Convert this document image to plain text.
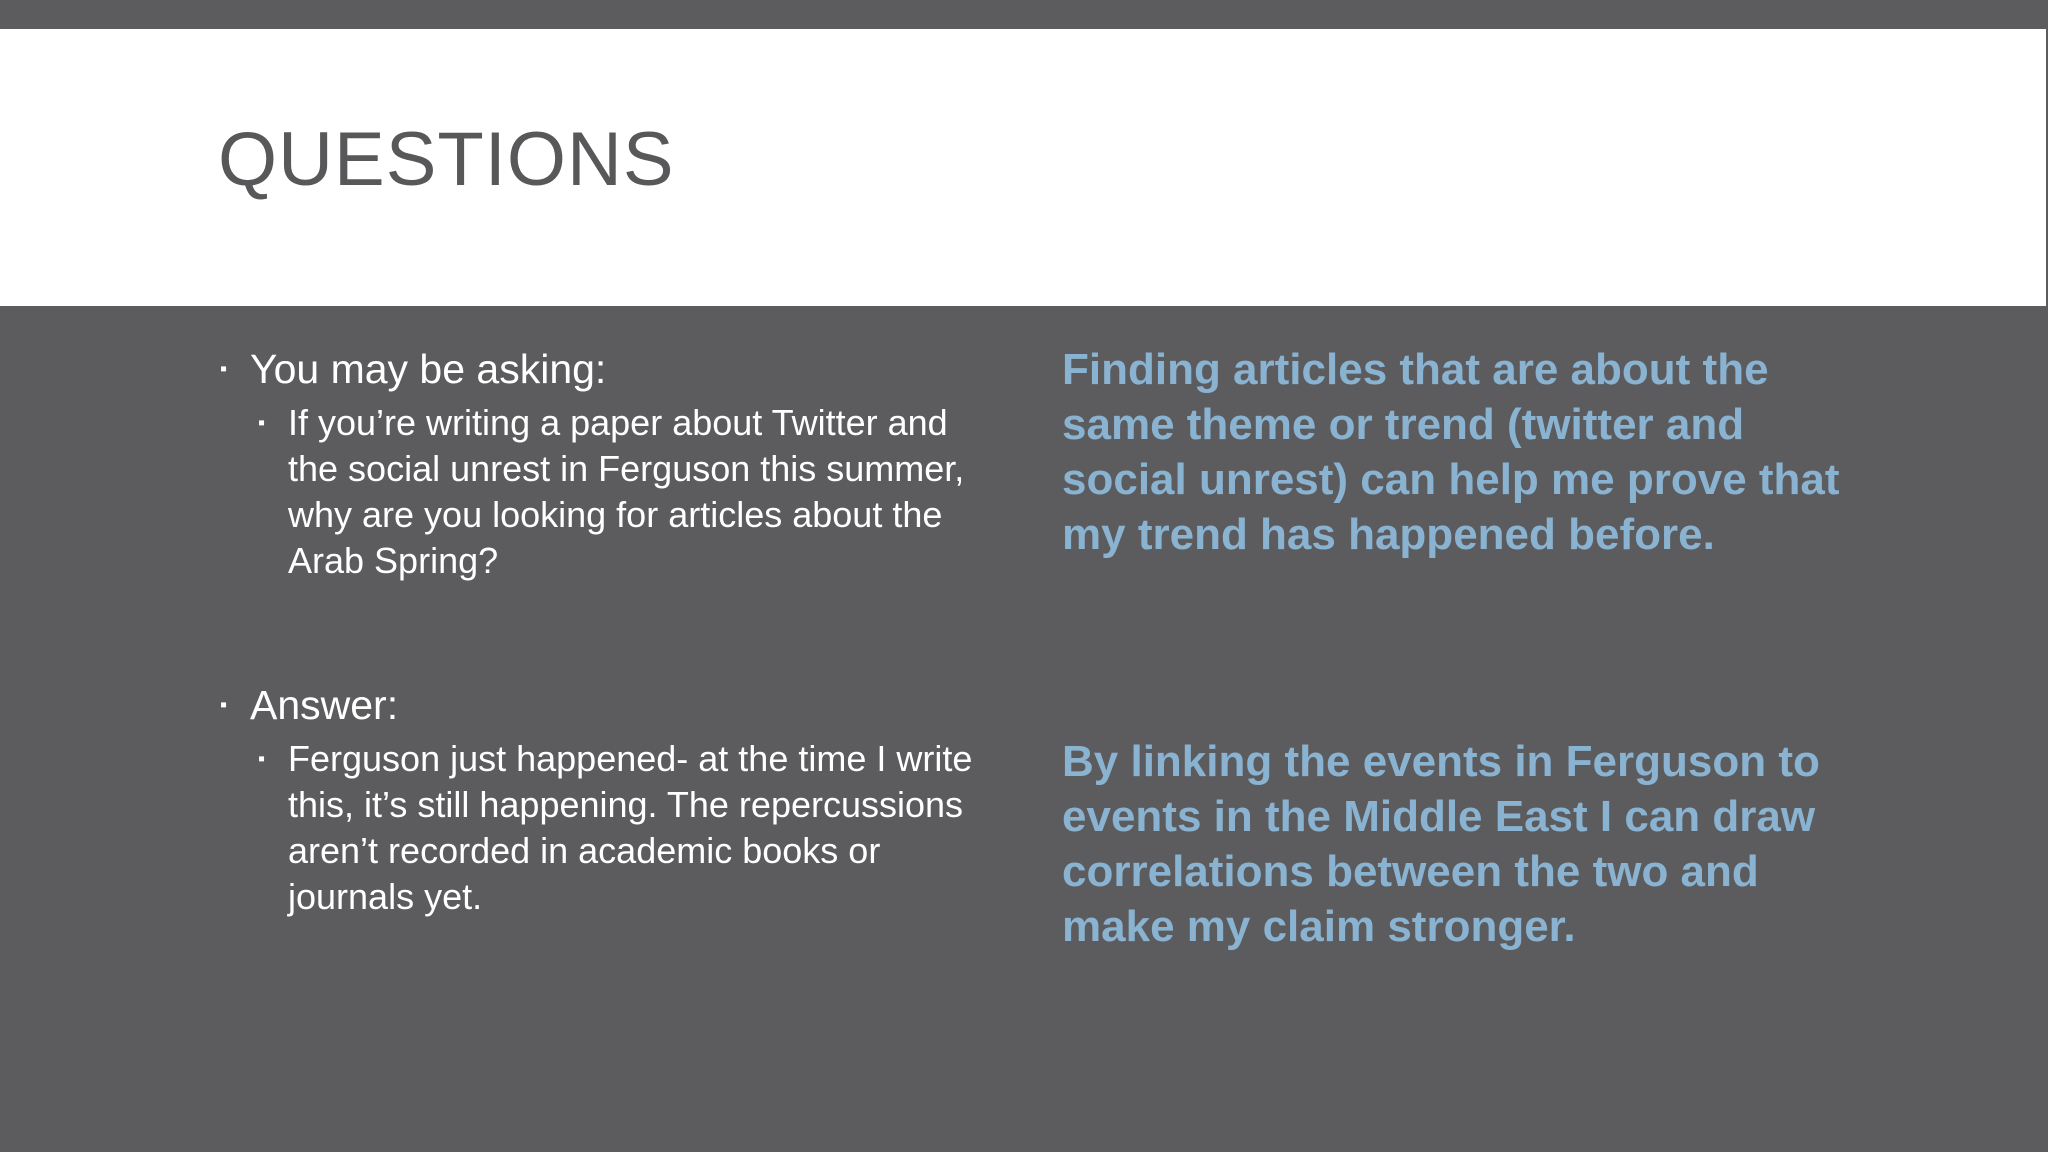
QUESTIONS

▪ You may be asking:

▪ If you’re writing a paper about Twitter and the social unrest in Ferguson this summer, why are you looking for articles about the Arab Spring?

▪ Answer:

▪ Ferguson just happened- at the time I write this, it’s still happening. The repercussions aren’t recorded in academic books or journals yet.

Finding articles that are about the same theme or trend (twitter and social unrest) can help me prove that my trend has happened before.

By linking the events in Ferguson to events in the Middle East I can draw correlations between the two and make my claim stronger.
